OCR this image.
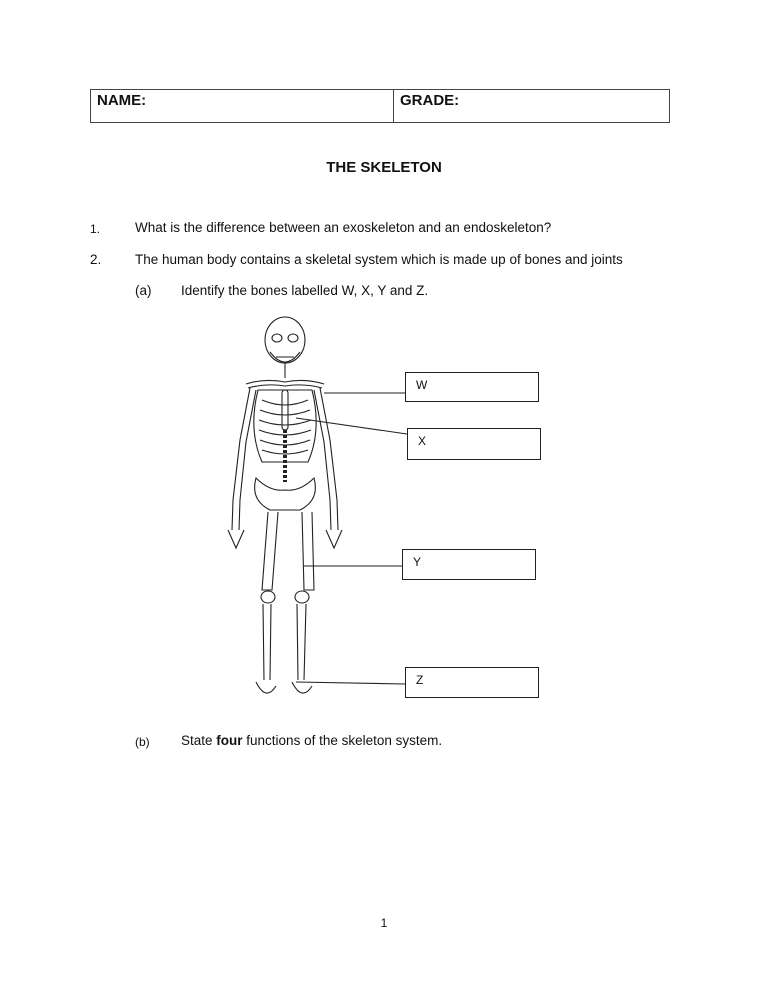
NAME:	GRADE:
THE SKELETON
1.	What is the difference between an exoskeleton and an endoskeleton?
2. The human body contains a skeletal system which is made up of bones and joints
(a) Identify the bones labelled W, X, Y and Z.
W
X
Y
Z
(b) State four functions of the skeleton system.
1
